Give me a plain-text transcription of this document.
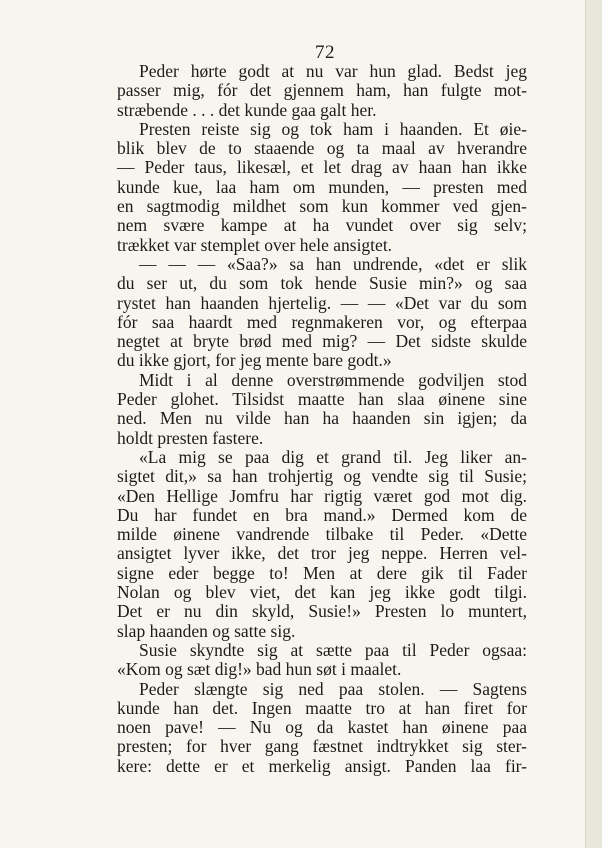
72
Peder hørte godt at nu var hun glad. Bedst jeg
passer mig, fór det gjennem ham, han fulgte mot-
stræbende . . . det kunde gaa galt her.
Presten reiste sig og tok ham i haanden. Et øie-
blik blev de to staaende og ta maal av hverandre
— Peder taus, likesæl, et let drag av haan han ikke
kunde kue, laa ham om munden, — presten med
en sagtmodig mildhet som kun kommer ved gjen-
nem svære kampe at ha vundet over sig selv;
trækket var stemplet over hele ansigtet.
— — — «Saa?» sa han undrende, «det er slik
du ser ut, du som tok hende Susie min?» og saa
rystet han haanden hjertelig. — — «Det var du som
fór saa haardt med regnmakeren vor, og efterpaa
negtet at bryte brød med mig? — Det sidste skulde
du ikke gjort, for jeg mente bare godt.»
Midt i al denne overstrømmende godviljen stod
Peder glohet. Tilsidst maatte han slaa øinene sine
ned. Men nu vilde han ha haanden sin igjen; da
holdt presten fastere.
«La mig se paa dig et grand til. Jeg liker an-
sigtet dit,» sa han trohjertig og vendte sig til Susie;
«Den Hellige Jomfru har rigtig været god mot dig.
Du har fundet en bra mand.» Dermed kom de
milde øinene vandrende tilbake til Peder. «Dette
ansigtet lyver ikke, det tror jeg neppe. Herren vel-
signe eder begge to! Men at dere gik til Fader
Nolan og blev viet, det kan jeg ikke godt tilgi.
Det er nu din skyld, Susie!» Presten lo muntert,
slap haanden og satte sig.
Susie skyndte sig at sætte paa til Peder ogsaa:
«Kom og sæt dig!» bad hun søt i maalet.
Peder slængte sig ned paa stolen. — Sagtens
kunde han det. Ingen maatte tro at han firet for
noen pave! — Nu og da kastet han øinene paa
presten; for hver gang fæstnet indtrykket sig ster-
kere: dette er et merkelig ansigt. Panden laa fir-
